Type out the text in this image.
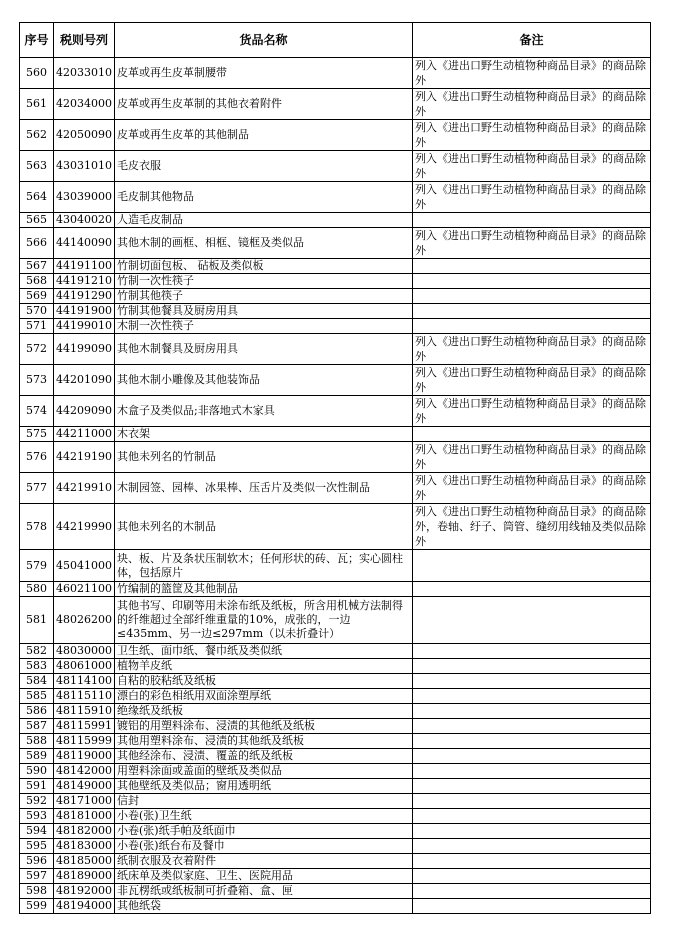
序号	税则号列	货品名称	备注
560	42033010	皮革或再生皮革制腰带	列入《进出口野生动植物种商品目录》的商品除外
561	42034000	皮革或再生皮革制的其他衣着附件	列入《进出口野生动植物种商品目录》的商品除外
562	42050090	皮革或再生皮革的其他制品	列入《进出口野生动植物种商品目录》的商品除外
563	43031010	毛皮衣服	列入《进出口野生动植物种商品目录》的商品除外
564	43039000	毛皮制其他物品	列入《进出口野生动植物种商品目录》的商品除外
565	43040020	人造毛皮制品	
566	44140090	其他木制的画框、相框、镜框及类似品	列入《进出口野生动植物种商品目录》的商品除外
567	44191100	竹制切面包板、 砧板及类似板	
568	44191210	竹制一次性筷子	
569	44191290	竹制其他筷子	
570	44191900	竹制其他餐具及厨房用具	
571	44199010	木制一次性筷子	
572	44199090	其他木制餐具及厨房用具	列入《进出口野生动植物种商品目录》的商品除外
573	44201090	其他木制小雕像及其他装饰品	列入《进出口野生动植物种商品目录》的商品除外
574	44209090	木盒子及类似品;非落地式木家具	列入《进出口野生动植物种商品目录》的商品除外
575	44211000	木衣架	
576	44219190	其他未列名的竹制品	列入《进出口野生动植物种商品目录》的商品除外
577	44219910	木制园签、园棒、冰果棒、压舌片及类似一次性制品	列入《进出口野生动植物种商品目录》的商品除外
578	44219990	其他未列名的木制品	列入《进出口野生动植物种商品目录》的商品除外，卷轴、纡子、筒管、缝纫用线轴及类似品除外
579	45041000	块、板、片及条状压制软木；任何形状的砖、瓦；实心圆柱体，包括原片	
580	46021100	竹编制的篮筐及其他制品	
581	48026200	其他书写、印刷等用未涂布纸及纸板，所含用机械方法制得的纤维超过全部纤维重量的10%，成张的，一边≤435mm、另一边≤297mm（以未折叠计）	
582	48030000	卫生纸、面巾纸、餐巾纸及类似纸	
583	48061000	植物羊皮纸	
584	48114100	自粘的胶粘纸及纸板	
585	48115110	漂白的彩色相纸用双面涂塑厚纸	
586	48115910	绝缘纸及纸板	
587	48115991	镀铝的用塑料涂布、浸渍的其他纸及纸板	
588	48115999	其他用塑料涂布、浸渍的其他纸及纸板	
589	48119000	其他经涂布、浸渍、覆盖的纸及纸板	
590	48142000	用塑料涂面或盖面的壁纸及类似品	
591	48149000	其他壁纸及类似品；窗用透明纸	
592	48171000	信封	
593	48181000	小卷(张)卫生纸	
594	48182000	小卷(张)纸手帕及纸面巾	
595	48183000	小卷(张)纸台布及餐巾	
596	48185000	纸制衣服及衣着附件	
597	48189000	纸床单及类似家庭、卫生、医院用品	
598	48192000	非瓦楞纸或纸板制可折叠箱、盒、匣	
599	48194000	其他纸袋	
